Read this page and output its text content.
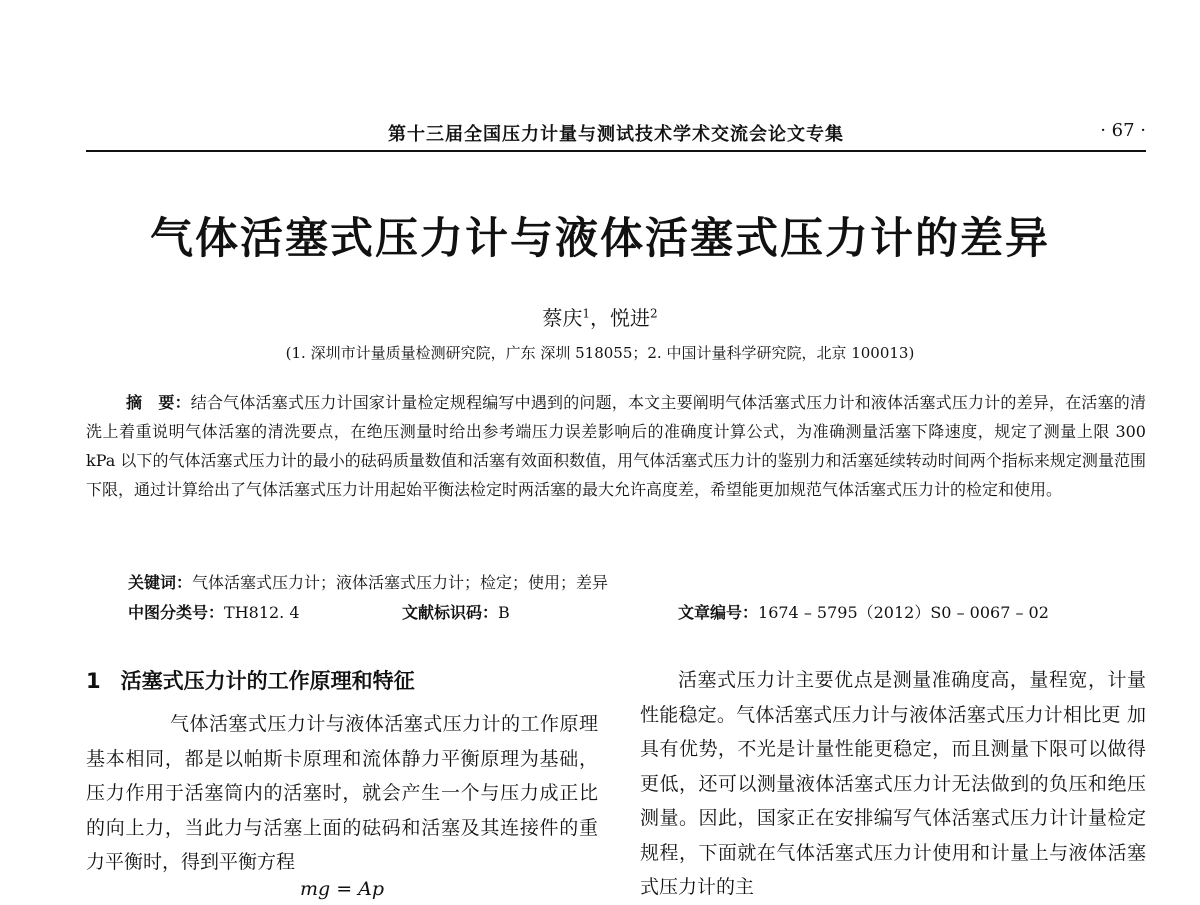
第十三届全国压力计量与测试技术学术交流会论文专集	· 67 ·
气体活塞式压力计与液体活塞式压力计的差异
蔡庆$^1$，悦进$^2$
(1. 深圳市计量质量检测研究院，广东 深圳 518055；2. 中国计量科学研究院，北京 100013)
摘　要：结合气体活塞式压力计国家计量检定规程编写中遇到的问题，本文主要阐明气体活塞式压力计和液体活塞式压力计的差异，在活塞的清洗上着重说明气体活塞的清洗要点，在绝压测量时给出参考端压力误差影响后的准确度计算公式，为准确测量活塞下降速度，规定了测量上限 300 kPa 以下的气体活塞式压力计的最小的砝码质量数值和活塞有效面积数值，用气体活塞式压力计的鉴别力和活塞延续转动时间两个指标来规定测量范围下限，通过计算给出了气体活塞式压力计用起始平衡法检定时两活塞的最大允许高度差，希望能更加规范气体活塞式压力计的检定和使用。
关键词：气体活塞式压力计；液体活塞式压力计；检定；使用；差异
中图分类号：TH812. 4	文献标识码：B	文章编号：1674 – 5795（2012）S0 – 0067 – 02
1 活塞式压力计的工作原理和特征
气体活塞式压力计与液体活塞式压力计的工作原理基本相同，都是以帕斯卡原理和流体静力平衡原理为基础，压力作用于活塞筒内的活塞时，就会产生一个与压力成正比的向上力，当此力与活塞上面的砝码和活塞及其连接件的重力平衡时，得到平衡方程
mg = Ap
活塞式压力计主要优点是测量准确度高，量程宽，计量性能稳定。气体活塞式压力计与液体活塞式压力计相比更 加具有优势，不光是计量性能更稳定，而且测量下限可以做得更低，还可以测量液体活塞式压力计无法做到的负压和绝压测量。因此，国家正在安排编写气体活塞式压力计计量检定规程，下面就在气体活塞式压力计使用和计量上与液体活塞式压力计的主
